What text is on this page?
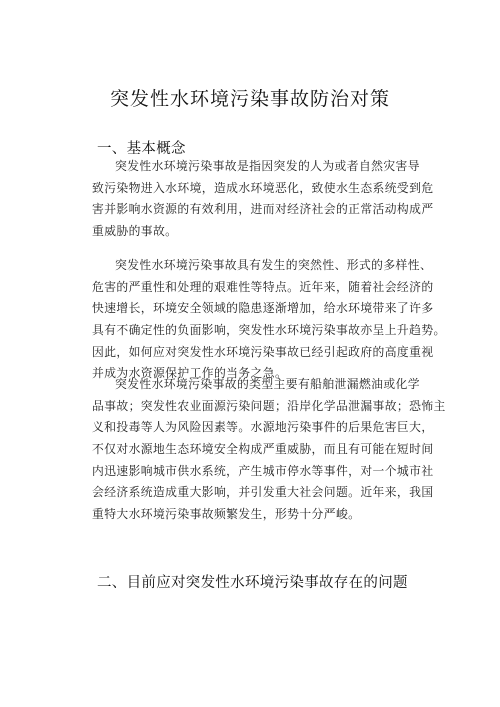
突发性水环境污染事故防治对策
一、基本概念
突发性水环境污染事故是指因突发的人为或者自然灾害导
致污染物进入水环境，造成水环境恶化，致使水生态系统受到危
害并影响水资源的有效利用，进而对经济社会的正常活动构成严
重威胁的事故。
突发性水环境污染事故具有发生的突然性、形式的多样性、
危害的严重性和处理的艰难性等特点。近年来，随着社会经济的
快速增长，环境安全领域的隐患逐渐增加，给水环境带来了许多
具有不确定性的负面影响，突发性水环境污染事故亦呈上升趋势。
因此，如何应对突发性水环境污染事故已经引起政府的高度重视
并成为水资源保护工作的当务之急。
突发性水环境污染事故的类型主要有船舶泄漏燃油或化学
品事故；突发性农业面源污染问题；沿岸化学品泄漏事故；恐怖主
义和投毒等人为风险因素等。水源地污染事件的后果危害巨大，
不仅对水源地生态环境安全构成严重威胁，而且有可能在短时间
内迅速影响城市供水系统，产生城市停水等事件，对一个城市社
会经济系统造成重大影响，并引发重大社会问题。近年来，我国
重特大水环境污染事故频繁发生，形势十分严峻。
二、目前应对突发性水环境污染事故存在的问题
